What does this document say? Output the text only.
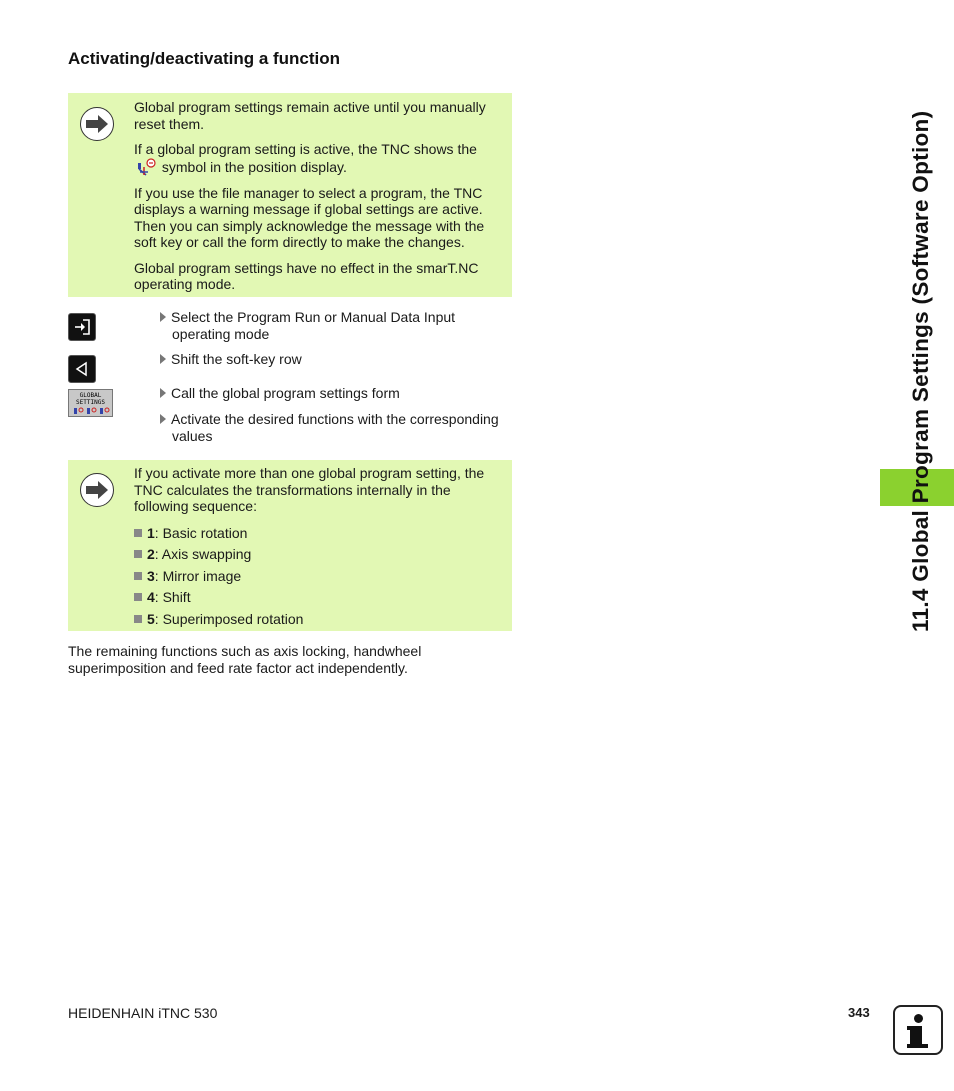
Activating/deactivating a function

Global program settings remain active until you manually reset them.

If a global program setting is active, the TNC shows the  symbol in the position display.

If you use the file manager to select a program, the TNC displays a warning message if global settings are active. Then you can simply acknowledge the message with the soft key or call the form directly to make the changes.

Global program settings have no effect in the smarT.NC operating mode.

Select the Program Run or Manual Data Input
operating mode
Shift the soft-key row
GLOBAL
SETTINGS
Call the global program settings form
Activate the desired functions with the corresponding
values

If you activate more than one global program setting, the TNC calculates the transformations internally in the following sequence:

1: Basic rotation
2: Axis swapping
3: Mirror image
4: Shift
5: Superimposed rotation
The remaining functions such as axis locking, handwheel superimposition and feed rate factor act independently.
11.4 Global Program Settings (Software Option)
HEIDENHAIN iTNC 530	343
